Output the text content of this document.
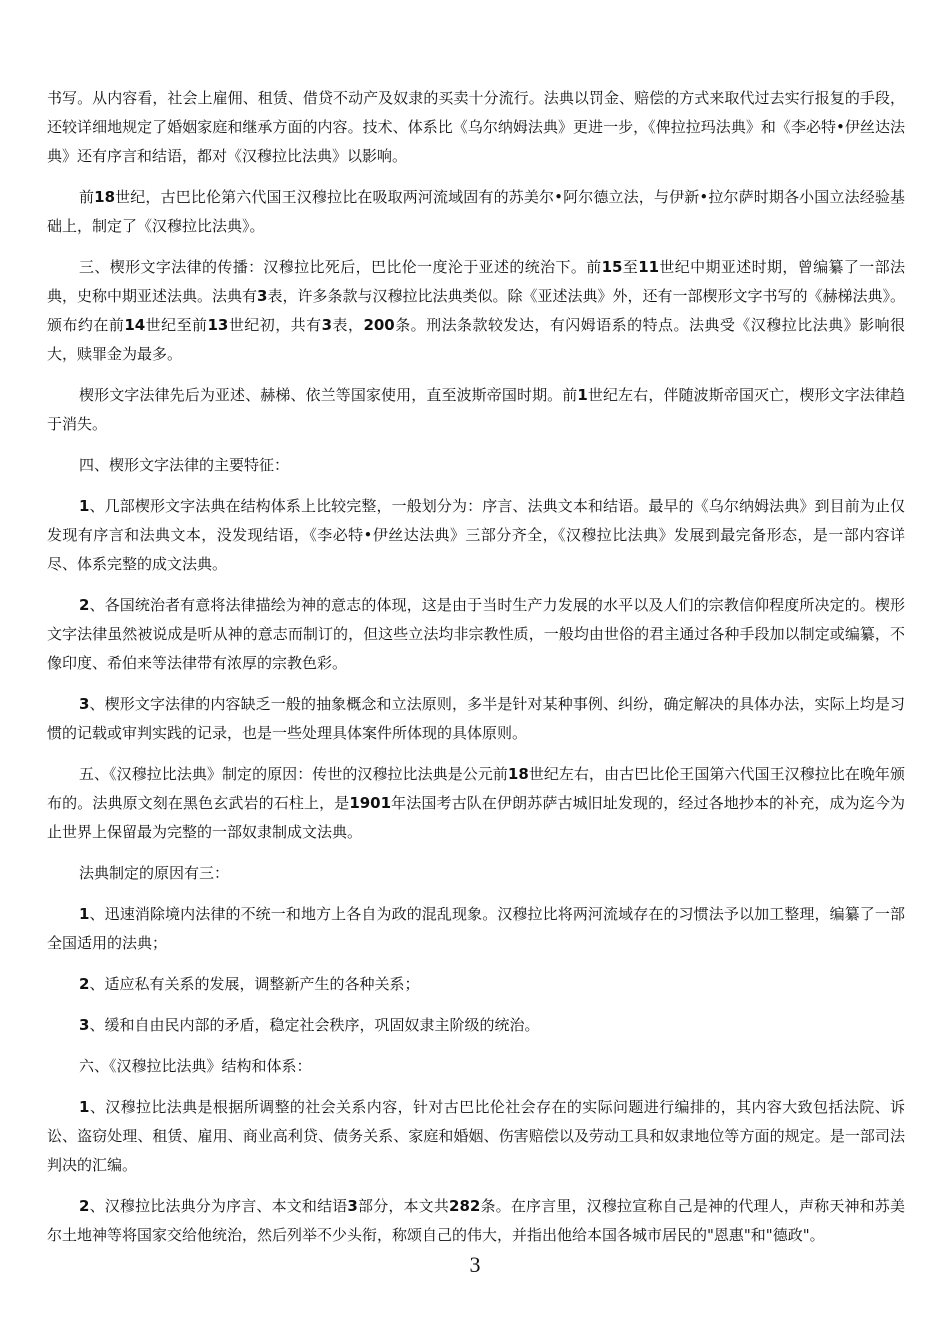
书写。从内容看，社会上雇佣、租赁、借贷不动产及奴隶的买卖十分流行。法典以罚金、赔偿的方式来取代过去实行报复的手段，还较详细地规定了婚姻家庭和继承方面的内容。技术、体系比《乌尔纳姆法典》更进一步，《俾拉拉玛法典》和《李必特•伊丝达法典》还有序言和结语，都对《汉穆拉比法典》以影响。

前18世纪，古巴比伦第六代国王汉穆拉比在吸取两河流域固有的苏美尔•阿尔德立法，与伊新•拉尔萨时期各小国立法经验基础上，制定了《汉穆拉比法典》。

三、楔形文字法律的传播：汉穆拉比死后，巴比伦一度沦于亚述的统治下。前15至11世纪中期亚述时期，曾编纂了一部法典，史称中期亚述法典。法典有3表，许多条款与汉穆拉比法典类似。除《亚述法典》外，还有一部楔形文字书写的《赫梯法典》。颁布约在前14世纪至前13世纪初，共有3表，200条。刑法条款较发达，有闪姆语系的特点。法典受《汉穆拉比法典》影响很大，赎罪金为最多。

楔形文字法律先后为亚述、赫梯、依兰等国家使用，直至波斯帝国时期。前1世纪左右，伴随波斯帝国灭亡，楔形文字法律趋于消失。

四、楔形文字法律的主要特征：

1、几部楔形文字法典在结构体系上比较完整，一般划分为：序言、法典文本和结语。最早的《乌尔纳姆法典》到目前为止仅发现有序言和法典文本，没发现结语，《李必特•伊丝达法典》三部分齐全，《汉穆拉比法典》发展到最完备形态，是一部内容详尽、体系完整的成文法典。

2、各国统治者有意将法律描绘为神的意志的体现，这是由于当时生产力发展的水平以及人们的宗教信仰程度所决定的。楔形文字法律虽然被说成是听从神的意志而制订的，但这些立法均非宗教性质，一般均由世俗的君主通过各种手段加以制定或编纂，不像印度、希伯来等法律带有浓厚的宗教色彩。

3、楔形文字法律的内容缺乏一般的抽象概念和立法原则，多半是针对某种事例、纠纷，确定解决的具体办法，实际上均是习惯的记载或审判实践的记录，也是一些处理具体案件所体现的具体原则。

五、《汉穆拉比法典》制定的原因：传世的汉穆拉比法典是公元前18世纪左右，由古巴比伦王国第六代国王汉穆拉比在晚年颁布的。法典原文刻在黑色玄武岩的石柱上，是1901年法国考古队在伊朗苏萨古城旧址发现的，经过各地抄本的补充，成为迄今为止世界上保留最为完整的一部奴隶制成文法典。

法典制定的原因有三：

1、迅速消除境内法律的不统一和地方上各自为政的混乱现象。汉穆拉比将两河流域存在的习惯法予以加工整理，编纂了一部全国适用的法典；

2、适应私有关系的发展，调整新产生的各种关系；

3、缓和自由民内部的矛盾，稳定社会秩序，巩固奴隶主阶级的统治。

六、《汉穆拉比法典》结构和体系：

1、汉穆拉比法典是根据所调整的社会关系内容，针对古巴比伦社会存在的实际问题进行编排的，其内容大致包括法院、诉讼、盗窃处理、租赁、雇用、商业高利贷、债务关系、家庭和婚姻、伤害赔偿以及劳动工具和奴隶地位等方面的规定。是一部司法判决的汇编。

2、汉穆拉比法典分为序言、本文和结语3部分，本文共282条。在序言里，汉穆拉宣称自己是神的代理人，声称天神和苏美尔土地神等将国家交给他统治，然后列举不少头衔，称颂自己的伟大，并指出他给本国各城市居民的"恩惠"和"德政"。

3
